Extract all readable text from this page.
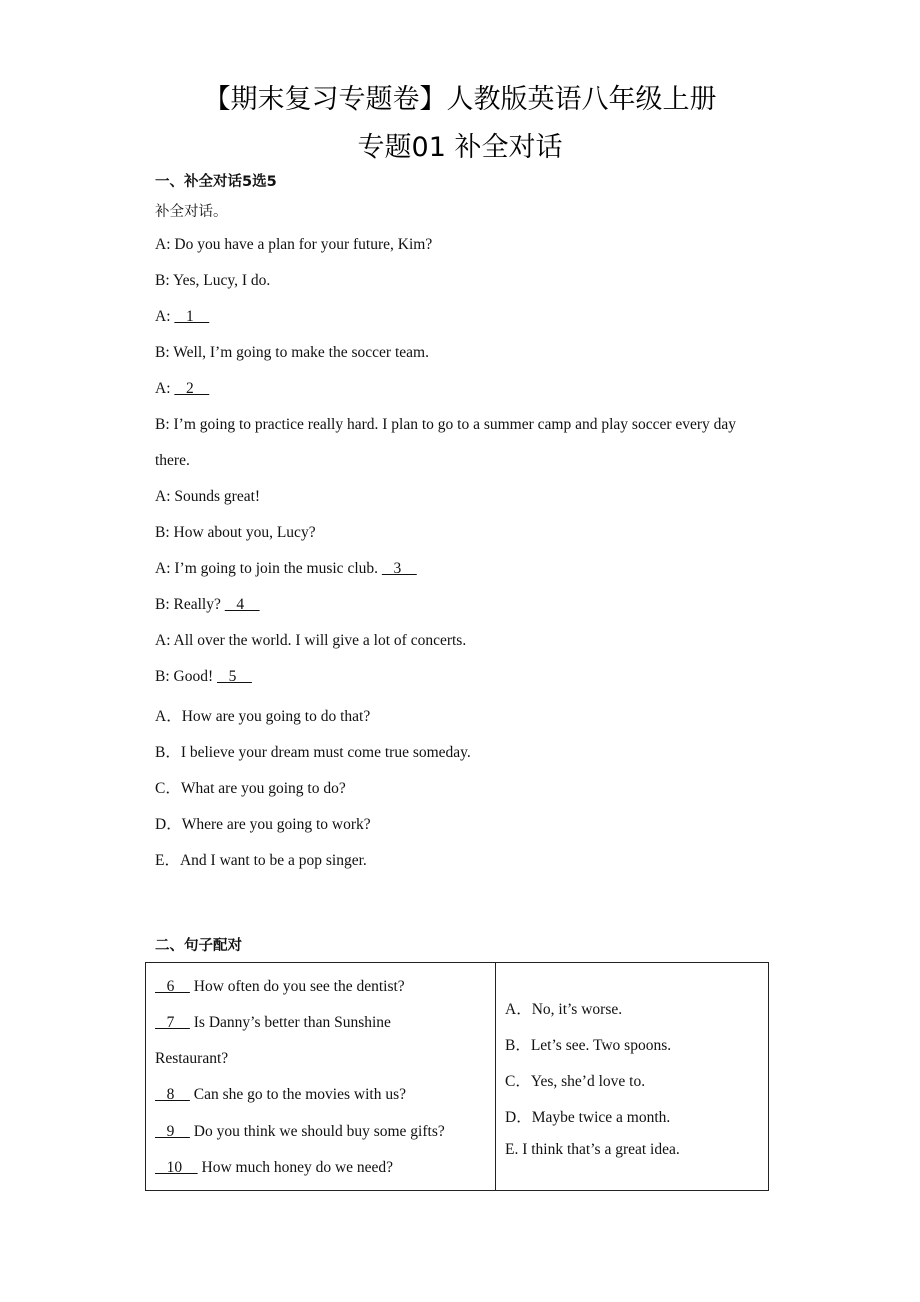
【期末复习专题卷】人教版英语八年级上册
专题01 补全对话
一、补全对话5选5
补全对话。
A: Do you have a plan for your future, Kim?
B: Yes, Lucy, I do.
A:    1
B: Well, I’m going to make the soccer team.
A:    2
B: I’m going to practice really hard. I plan to go to a summer camp and play soccer every day
there.
A: Sounds great!
B: How about you, Lucy?
A: I’m going to join the music club.    3
B: Really?    4
A: All over the world. I will give a lot of concerts.
B: Good!    5
A．How are you going to do that?
B．I believe your dream must come true someday.
C．What are you going to do?
D．Where are you going to work?
E．And I want to be a pop singer.
二、句子配对
6     How often do you see the dentist?
7     Is Danny’s better than Sunshine
Restaurant?
8     Can she go to the movies with us?
9     Do you think we should buy some gifts?
10     How much honey do we need?
A．No, it’s worse.
B．Let’s see. Two spoons.
C．Yes, she’d love to.
D．Maybe twice a month.
E. I think that’s a great idea.
